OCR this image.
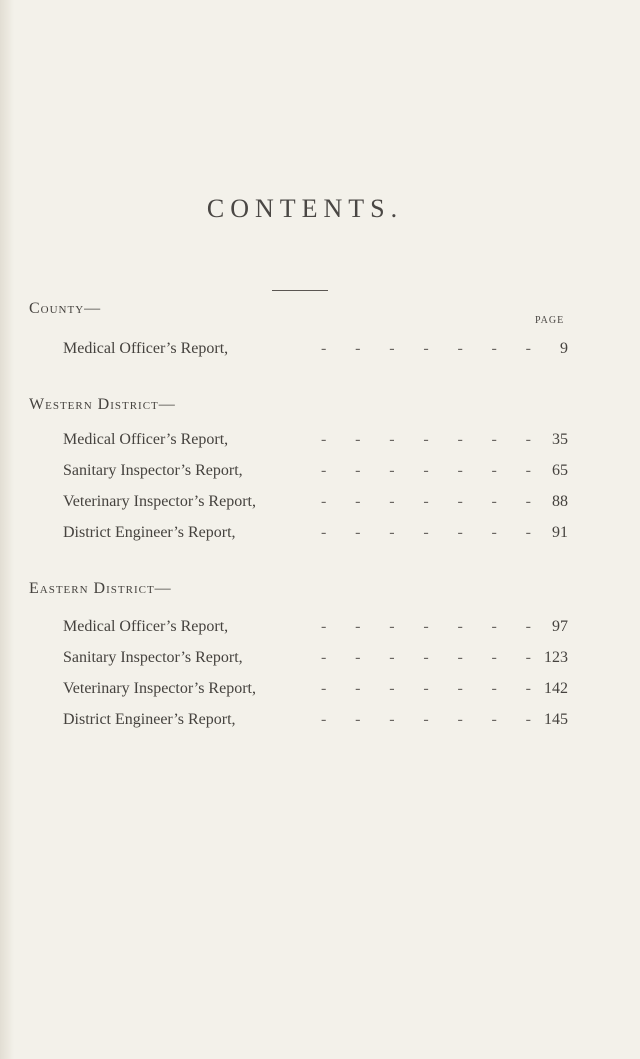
CONTENTS.
County—
PAGE
Medical Officer’s Report,	- - - - - - - 9
Western District—
Medical Officer’s Report,	- - - - - - - 35
Sanitary Inspector’s Report,	- - - - - - - 65
Veterinary Inspector’s Report,	- - - - - - - 88
District Engineer’s Report,	- - - - - - - 91
Eastern District—
Medical Officer’s Report,	- - - - - - - 97
Sanitary Inspector’s Report,	- - - - - - - 123
Veterinary Inspector’s Report,	- - - - - - - 142
District Engineer’s Report,	- - - - - - - 145
